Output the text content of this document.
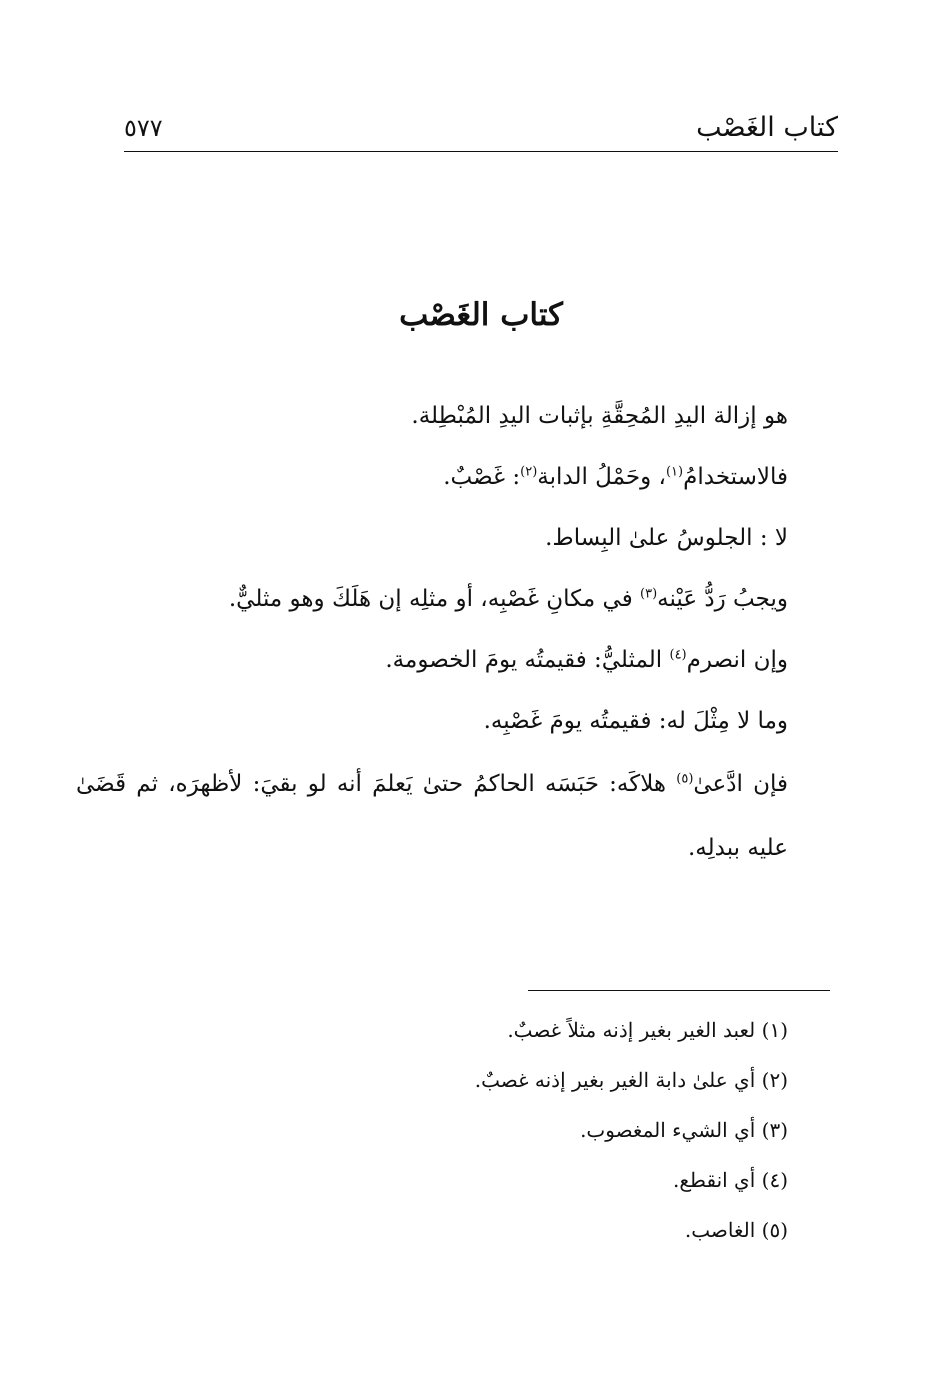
كتاب الغَصْب
٥٧٧
كتاب الغَصْب

هو إزالة اليدِ المُحِقَّةِ بإثبات اليدِ المُبْطِلة.

فالاستخدامُ$^{(١)}$، وحَمْلُ الدابة$^{(٢)}$: غَصْبٌ.

لا : الجلوسُ علىٰ البِساط.

ويجبُ رَدُّ عَيْنه$^{(٣)}$ في مكانِ غَصْبِه، أو مثلِه إن هَلَكَ وهو مثليٌّ.

وإن انصرم$^{(٤)}$ المثليُّ: فقيمتُه يومَ الخصومة.

وما لا مِثْلَ له: فقيمتُه يومَ غَصْبِه.

فإن ادَّعىٰ$^{(٥)}$ هلاكَه: حَبَسَه الحاكمُ حتىٰ يَعلمَ أنه لو بقيَ: لأظهرَه، ثم قَضَىٰ عليه ببدلِه.

(١) لعبد الغير بغير إذنه مثلاً غصبٌ.

(٢) أي علىٰ دابة الغير بغير إذنه غصبٌ.

(٣) أي الشيء المغصوب.

(٤) أي انقطع.

(٥) الغاصب.
